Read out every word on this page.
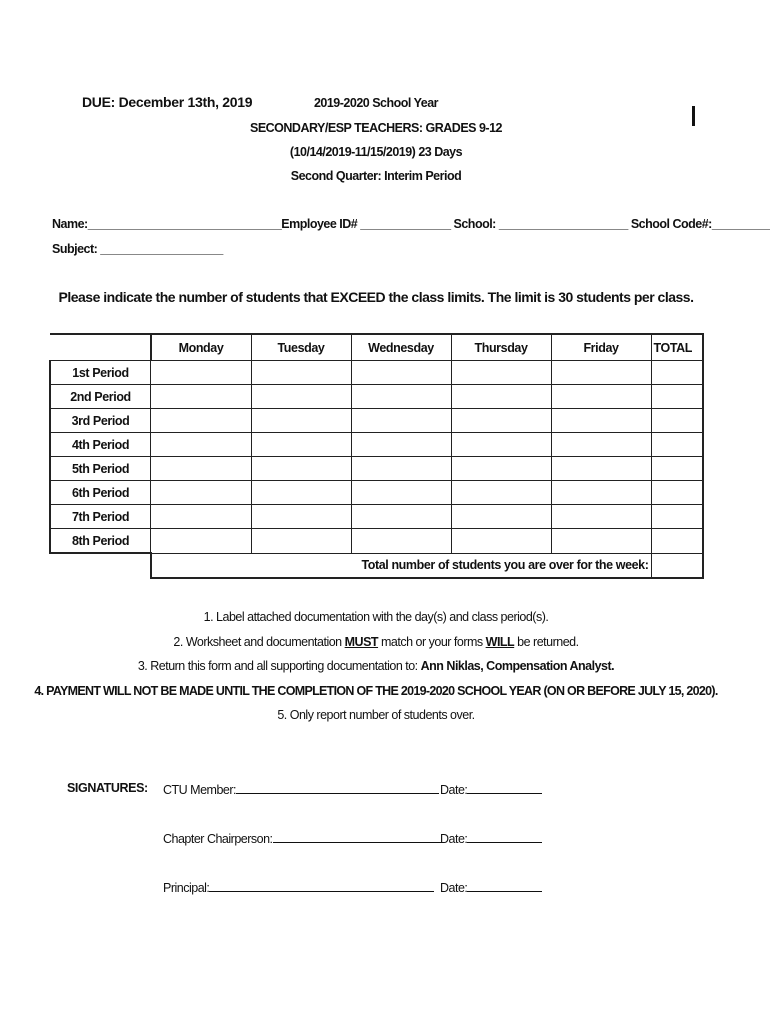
DUE: December 13th, 2019	2019-2020 School Year
SECONDARY/ESP TEACHERS: GRADES 9-12
(10/14/2019-11/15/2019) 23 Days
Second Quarter: Interim Period
Name:______________________________Employee ID# ______________ School: ____________________ School Code#:_________
Subject: ___________________
Please indicate the number of students that EXCEED the class limits. The limit is 30 students per class.
	Monday	Tuesday	Wednesday	Thursday	Friday	TOTAL
1st Period						
2nd Period						
3rd Period						
4th Period						
5th Period						
6th Period						
7th Period						
8th Period						
	Total number of students you are over for the week:					
1. Label attached documentation with the day(s) and class period(s).
2. Worksheet and documentation MUST match or your forms WILL be returned.
3. Return this form and all supporting documentation to: Ann Niklas, Compensation Analyst.
4. PAYMENT WILL NOT BE MADE UNTIL THE COMPLETION OF THE 2019-2020 SCHOOL YEAR (ON OR BEFORE JULY 15, 2020).
5. Only report number of students over.
SIGNATURES: CTU Member:	Date:
Chapter Chairperson:	Date:
Principal:	Date:
